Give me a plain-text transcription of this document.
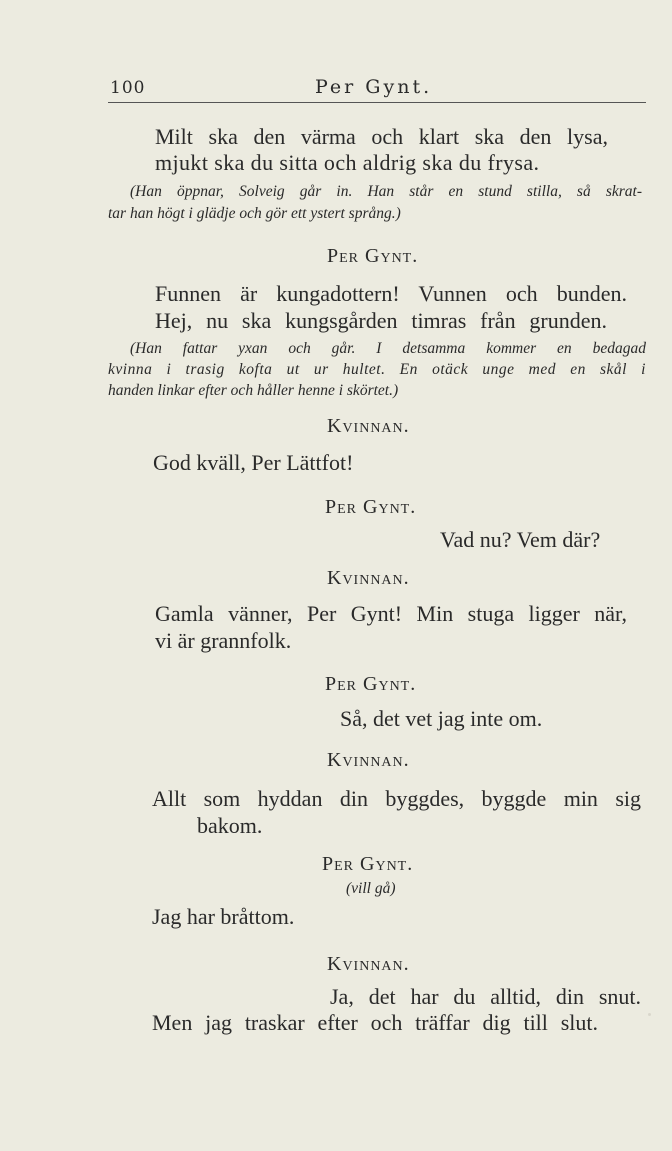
100	Per Gynt.
Milt ska den värma och klart ska den lysa,
mjukt ska du sitta och aldrig ska du frysa.
(Han öppnar, Solveig går in. Han står en stund stilla, så skrat-
tar han högt i glädje och gör ett ystert språng.)
Per Gynt.
Funnen är kungadottern! Vunnen och bunden.
Hej, nu ska kungsgården timras från grunden.
(Han fattar yxan och går. I detsamma kommer en bedagad
kvinna i trasig kofta ut ur hultet. En otäck unge med en skål i
handen linkar efter och håller henne i skörtet.)
Kvinnan.
God kväll, Per Lättfot!
Per Gynt.
Vad nu? Vem där?
Kvinnan.
Gamla vänner, Per Gynt! Min stuga ligger när,
vi är grannfolk.
Per Gynt.
Så, det vet jag inte om.
Kvinnan.
Allt som hyddan din byggdes, byggde min sig
bakom.
Per Gynt.
(vill gå)
Jag har bråttom.
Kvinnan.
Ja, det har du alltid, din snut.
Men jag traskar efter och träffar dig till slut.
